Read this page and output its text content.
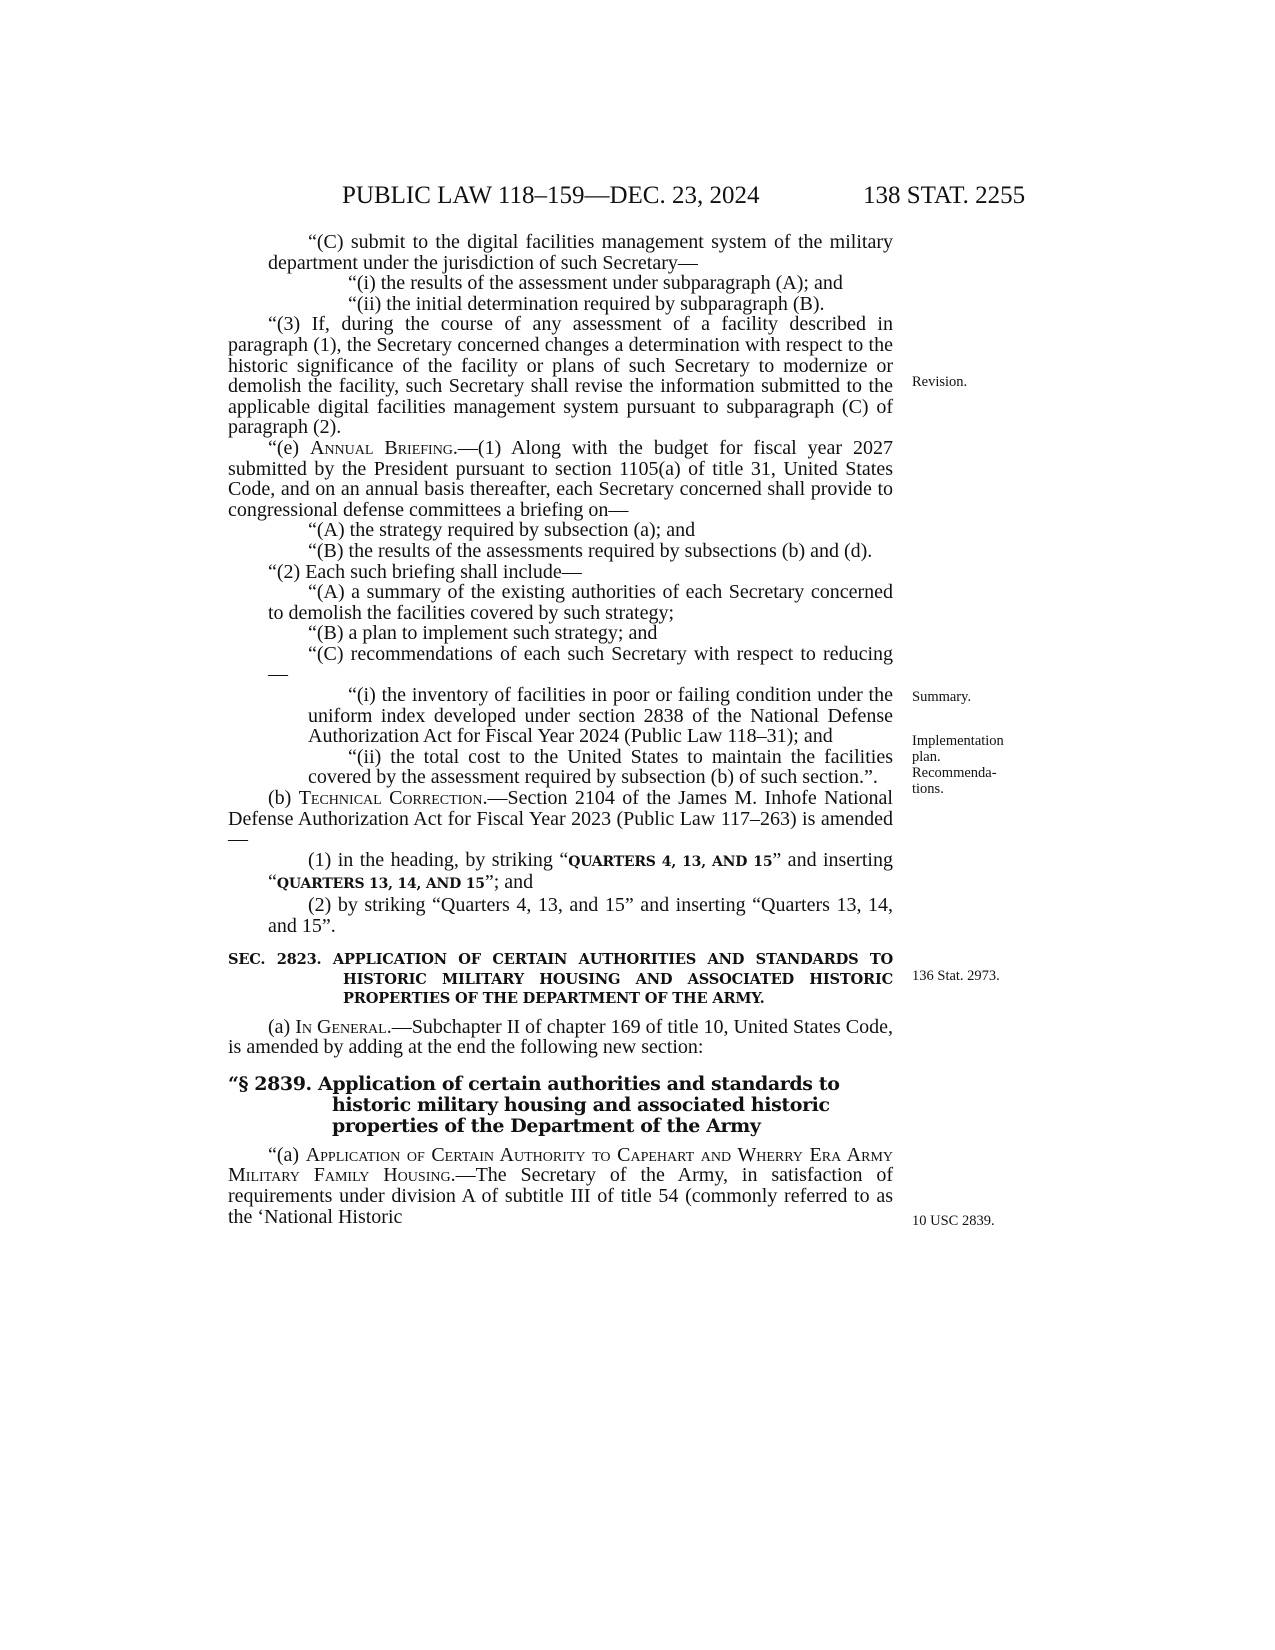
PUBLIC LAW 118–159—DEC. 23, 2024	138 STAT. 2255

“(C) submit to the digital facilities management system of the military department under the jurisdiction of such Secretary—

“(i) the results of the assessment under subparagraph (A); and

“(ii) the initial determination required by subparagraph (B).

“(3) If, during the course of any assessment of a facility described in paragraph (1), the Secretary concerned changes a determination with respect to the historic significance of the facility or plans of such Secretary to modernize or demolish the facility, such Secretary shall revise the information submitted to the applicable digital facilities management system pursuant to subparagraph (C) of paragraph (2).

“(e) Annual Briefing.—(1) Along with the budget for fiscal year 2027 submitted by the President pursuant to section 1105(a) of title 31, United States Code, and on an annual basis thereafter, each Secretary concerned shall provide to congressional defense committees a briefing on—

“(A) the strategy required by subsection (a); and

“(B) the results of the assessments required by subsections (b) and (d).

“(2) Each such briefing shall include—

“(A) a summary of the existing authorities of each Secretary concerned to demolish the facilities covered by such strategy;

“(B) a plan to implement such strategy; and

“(C) recommendations of each such Secretary with respect to reducing—

“(i) the inventory of facilities in poor or failing condition under the uniform index developed under section 2838 of the National Defense Authorization Act for Fiscal Year 2024 (Public Law 118–31); and

“(ii) the total cost to the United States to maintain the facilities covered by the assessment required by subsection (b) of such section.”.

(b) Technical Correction.—Section 2104 of the James M. Inhofe National Defense Authorization Act for Fiscal Year 2023 (Public Law 117–263) is amended—

(1) in the heading, by striking “QUARTERS 4, 13, AND 15” and inserting “QUARTERS 13, 14, AND 15”; and

(2) by striking “Quarters 4, 13, and 15” and inserting “Quarters 13, 14, and 15”.

SEC. 2823. APPLICATION OF CERTAIN AUTHORITIES AND STANDARDS TO HISTORIC MILITARY HOUSING AND ASSOCIATED HISTORIC PROPERTIES OF THE DEPARTMENT OF THE ARMY.

(a) In General.—Subchapter II of chapter 169 of title 10, United States Code, is amended by adding at the end the following new section:

“§ 2839. Application of certain authorities and standards to historic military housing and associated historic properties of the Department of the Army

“(a) Application of Certain Authority to Capehart and Wherry Era Army Military Family Housing.—The Secretary of the Army, in satisfaction of requirements under division A of subtitle III of title 54 (commonly referred to as the ‘National Historic

Revision.
Summary.
Implementation plan.
Recommenda- tions.
136 Stat. 2973.
10 USC 2839.
